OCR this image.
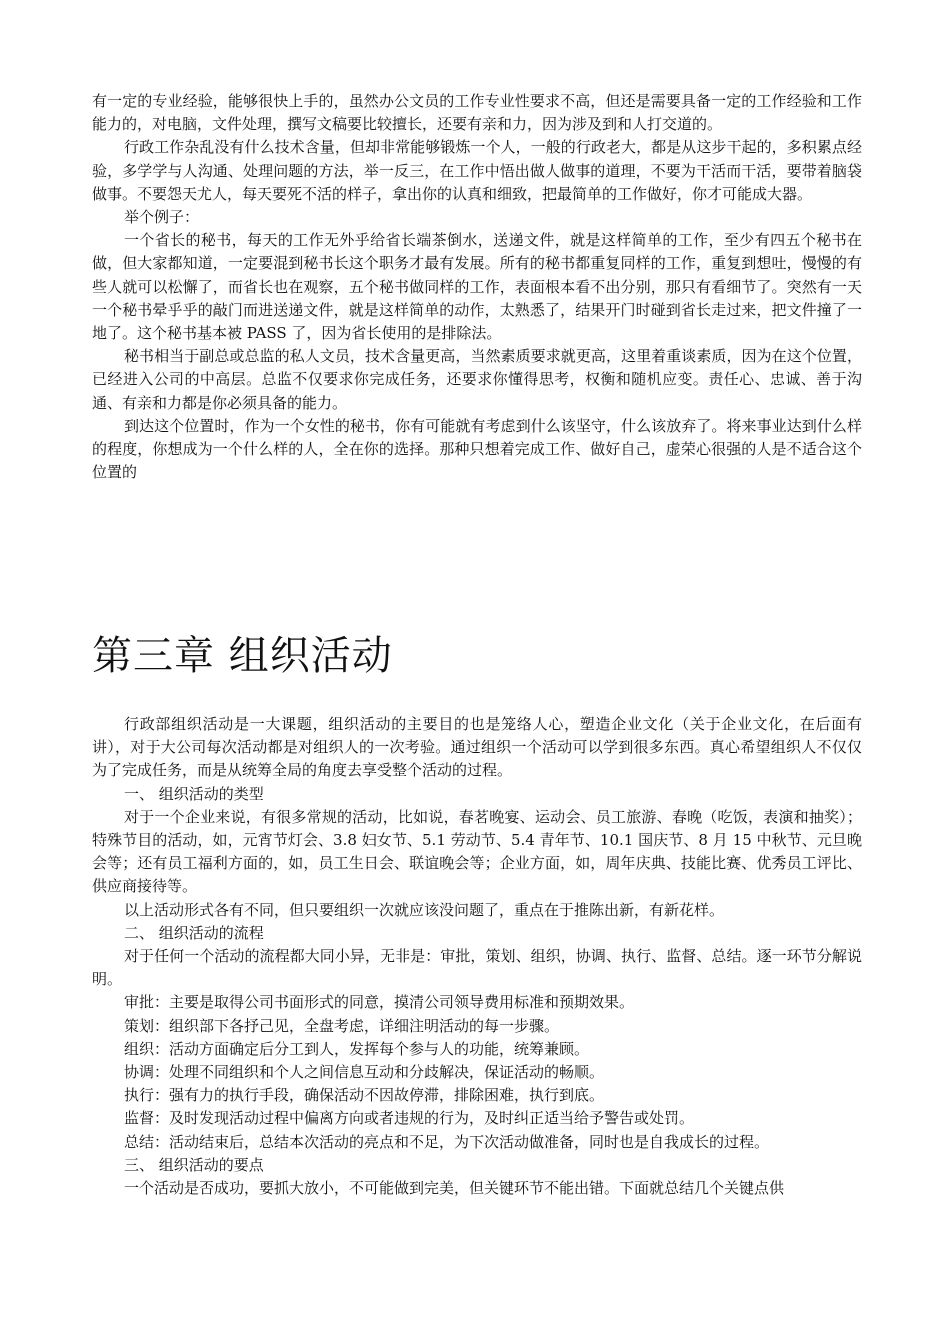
有一定的专业经验，能够很快上手的，虽然办公文员的工作专业性要求不高，但还是需要具备一定的工作经验和工作能力的，对电脑，文件处理，撰写文稿要比较擅长，还要有亲和力，因为涉及到和人打交道的。

行政工作杂乱没有什么技术含量，但却非常能够锻炼一个人，一般的行政老大，都是从这步干起的，多积累点经验，多学学与人沟通、处理问题的方法，举一反三，在工作中悟出做人做事的道理，不要为干活而干活，要带着脑袋做事。不要怨天尤人，每天要死不活的样子，拿出你的认真和细致，把最简单的工作做好，你才可能成大器。

举个例子：

一个省长的秘书，每天的工作无外乎给省长端茶倒水，送递文件，就是这样简单的工作，至少有四五个秘书在做，但大家都知道，一定要混到秘书长这个职务才最有发展。所有的秘书都重复同样的工作，重复到想吐，慢慢的有些人就可以松懈了，而省长也在观察，五个秘书做同样的工作，表面根本看不出分别，那只有看细节了。突然有一天一个秘书晕乎乎的敲门而进送递文件，就是这样简单的动作，太熟悉了，结果开门时碰到省长走过来，把文件撞了一地了。这个秘书基本被 PASS 了，因为省长使用的是排除法。

秘书相当于副总或总监的私人文员，技术含量更高，当然素质要求就更高，这里着重谈素质，因为在这个位置，已经进入公司的中高层。总监不仅要求你完成任务，还要求你懂得思考，权衡和随机应变。责任心、忠诚、善于沟通、有亲和力都是你必须具备的能力。

到达这个位置时，作为一个女性的秘书，你有可能就有考虑到什么该坚守，什么该放弃了。将来事业达到什么样的程度，你想成为一个什么样的人，全在你的选择。那种只想着完成工作、做好自己，虚荣心很强的人是不适合这个位置的

第三章 组织活动

行政部组织活动是一大课题，组织活动的主要目的也是笼络人心，塑造企业文化（关于企业文化，在后面有讲），对于大公司每次活动都是对组织人的一次考验。通过组织一个活动可以学到很多东西。真心希望组织人不仅仅为了完成任务，而是从统筹全局的角度去享受整个活动的过程。

一、 组织活动的类型

对于一个企业来说，有很多常规的活动，比如说，春茗晚宴、运动会、员工旅游、春晚（吃饭，表演和抽奖）；特殊节目的活动，如，元宵节灯会、3.8 妇女节、5.1 劳动节、5.4 青年节、10.1 国庆节、8 月 15 中秋节、元旦晚会等；还有员工福利方面的，如，员工生日会、联谊晚会等；企业方面，如，周年庆典、技能比赛、优秀员工评比、供应商接待等。

以上活动形式各有不同，但只要组织一次就应该没问题了，重点在于推陈出新，有新花样。

二、 组织活动的流程

对于任何一个活动的流程都大同小异，无非是：审批，策划、组织，协调、执行、监督、总结。逐一环节分解说明。

审批：主要是取得公司书面形式的同意，摸清公司领导费用标准和预期效果。

策划：组织部下各抒己见，全盘考虑，详细注明活动的每一步骤。

组织：活动方面确定后分工到人，发挥每个参与人的功能，统筹兼顾。

协调：处理不同组织和个人之间信息互动和分歧解决，保证活动的畅顺。

执行：强有力的执行手段，确保活动不因故停滞，排除困难，执行到底。

监督：及时发现活动过程中偏离方向或者违规的行为，及时纠正适当给予警告或处罚。

总结：活动结束后，总结本次活动的亮点和不足，为下次活动做准备，同时也是自我成长的过程。

三、 组织活动的要点

一个活动是否成功，要抓大放小，不可能做到完美，但关键环节不能出错。下面就总结几个关键点供
